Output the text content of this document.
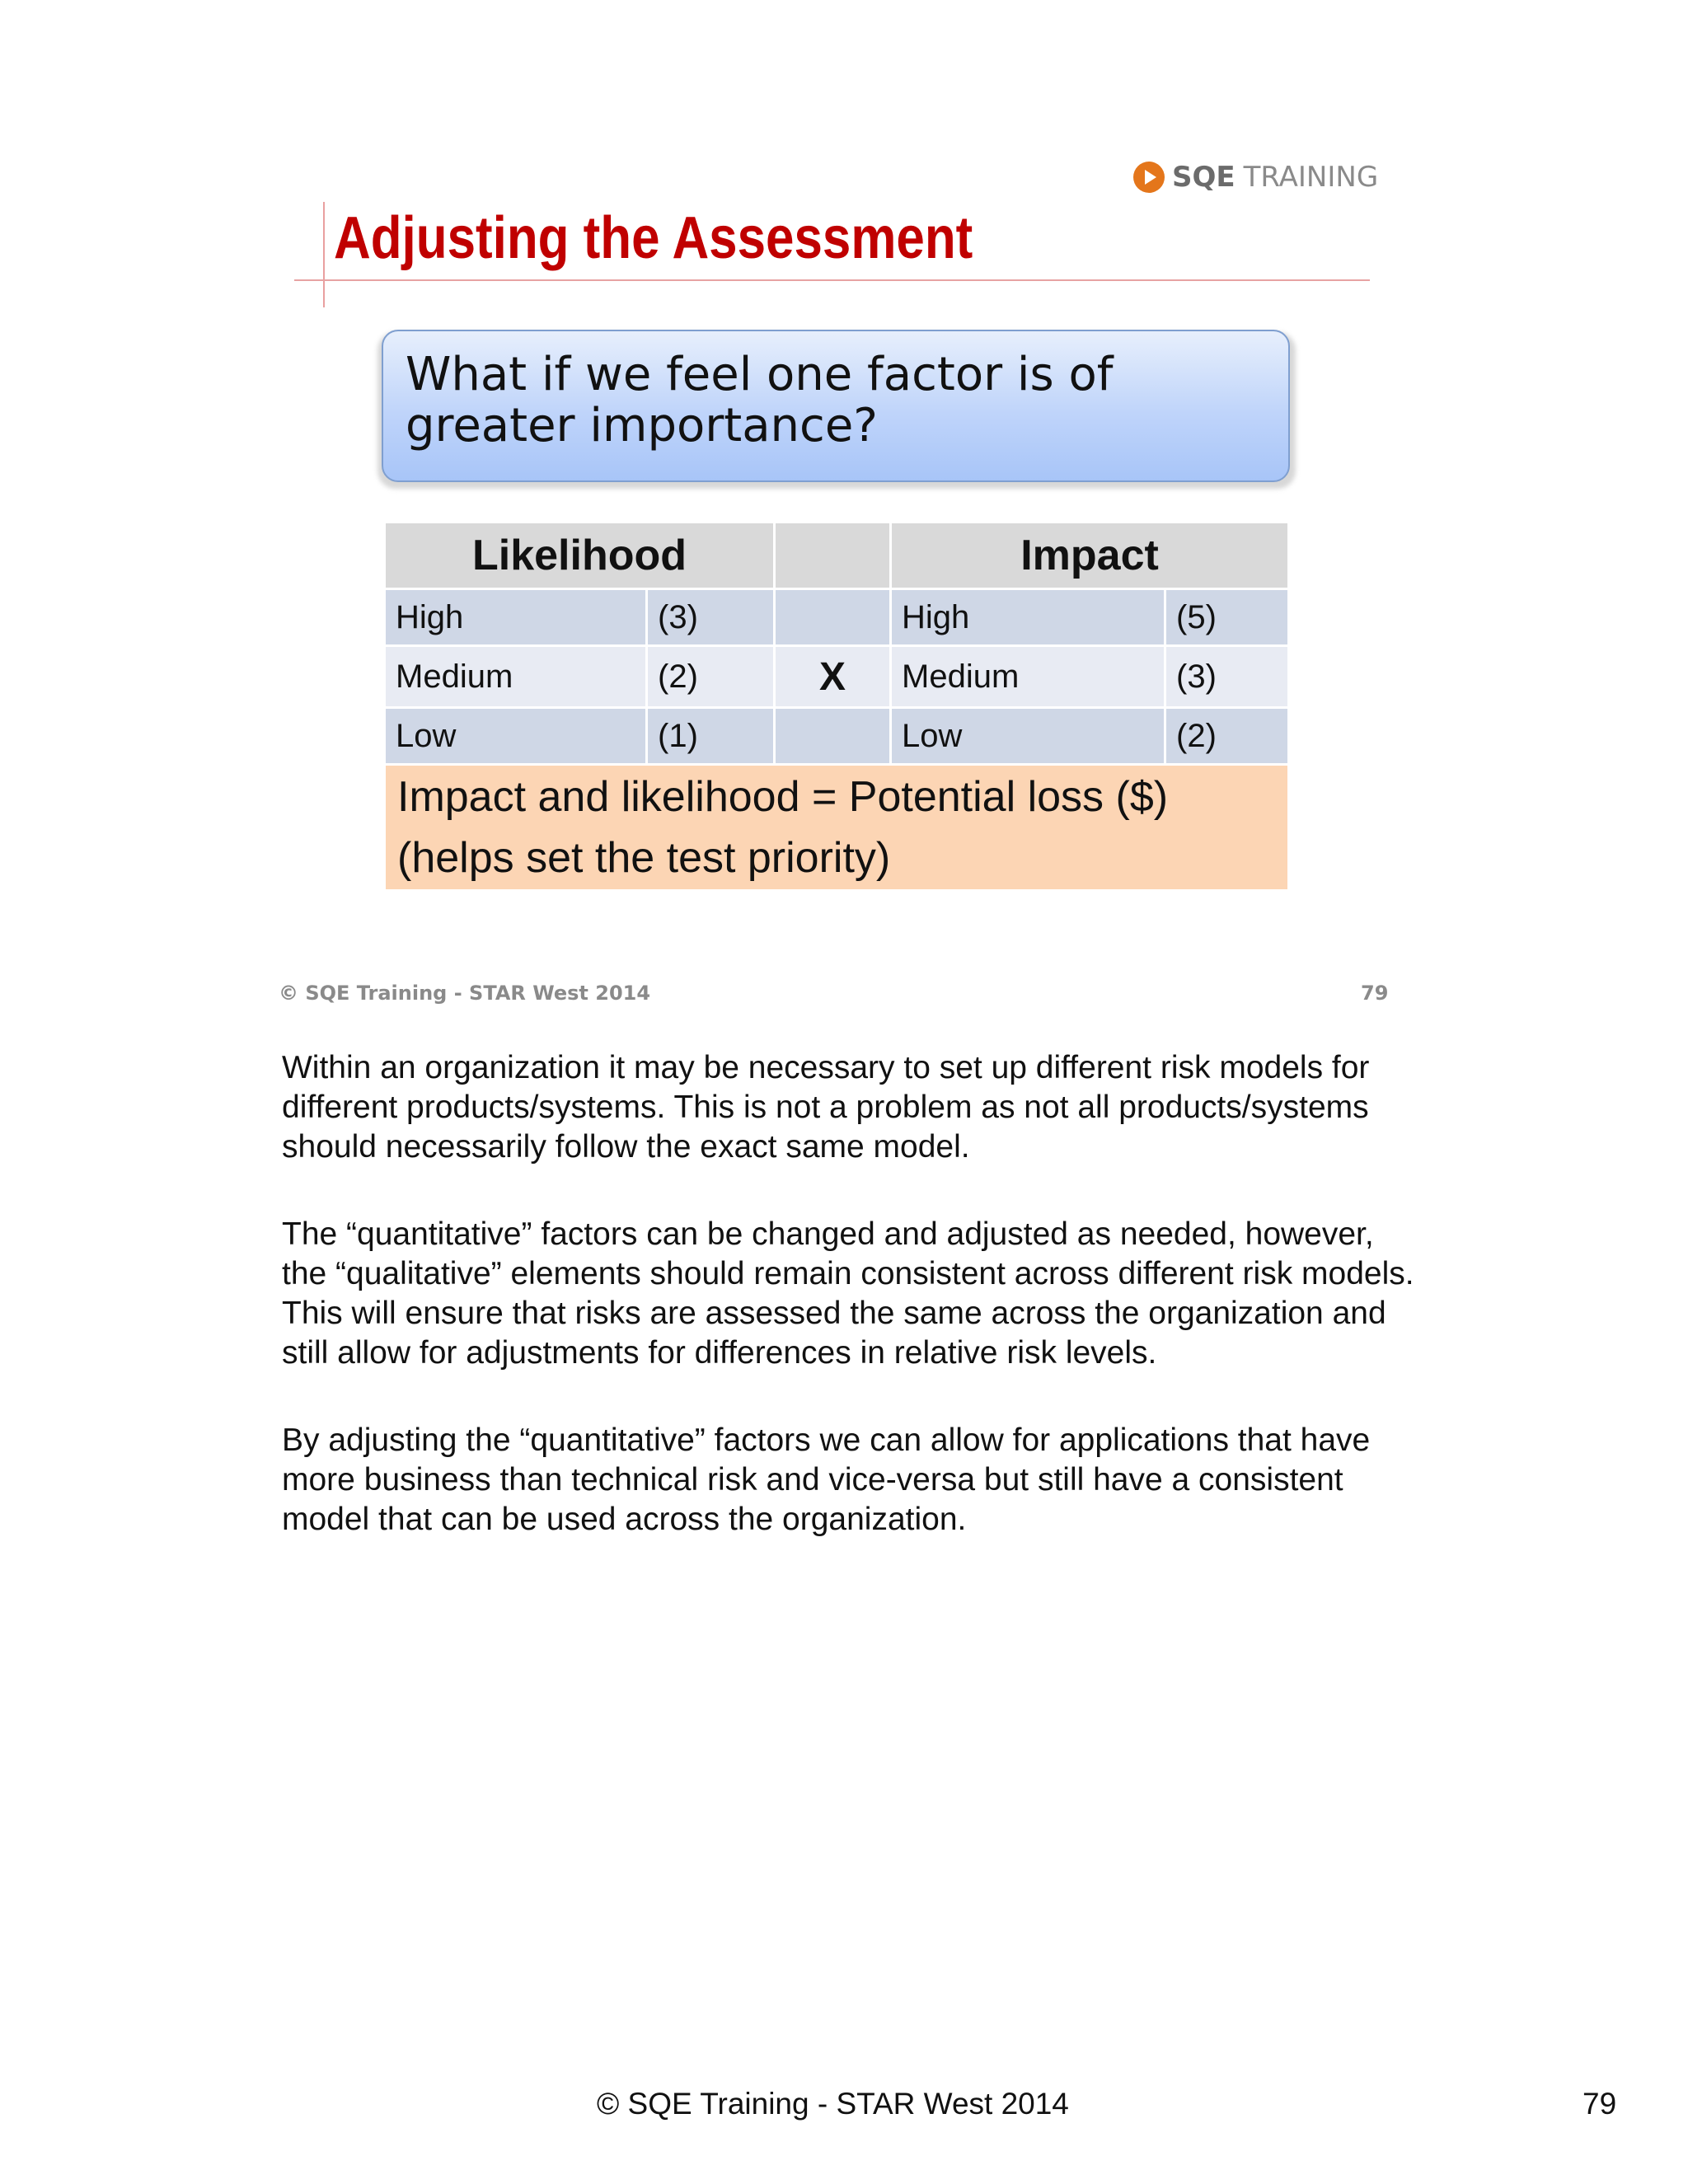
SQE TRAINING
Adjusting the Assessment
What if we feel one factor is of greater importance?
Likelihood			Impact	
High	(3)		High	(5)
Medium	(2)	X	Medium	(3)
Low	(1)		Low	(2)

Impact and likelihood = Potential loss ($)
(helps set the test priority)				
© SQE Training - STAR West 2014	79

Within an organization it may be necessary to set up different risk models for different products/systems. This is not a problem as not all products/systems should necessarily follow the exact same model.

The “quantitative” factors can be changed and adjusted as needed, however, the “qualitative” elements should remain consistent across different risk models. This will ensure that risks are assessed the same across the organization and still allow for adjustments for differences in relative risk levels.

By adjusting the “quantitative” factors we can allow for applications that have more business than technical risk and vice-versa but still have a consistent model that can be used across the organization.

© SQE Training - STAR West 2014	79
